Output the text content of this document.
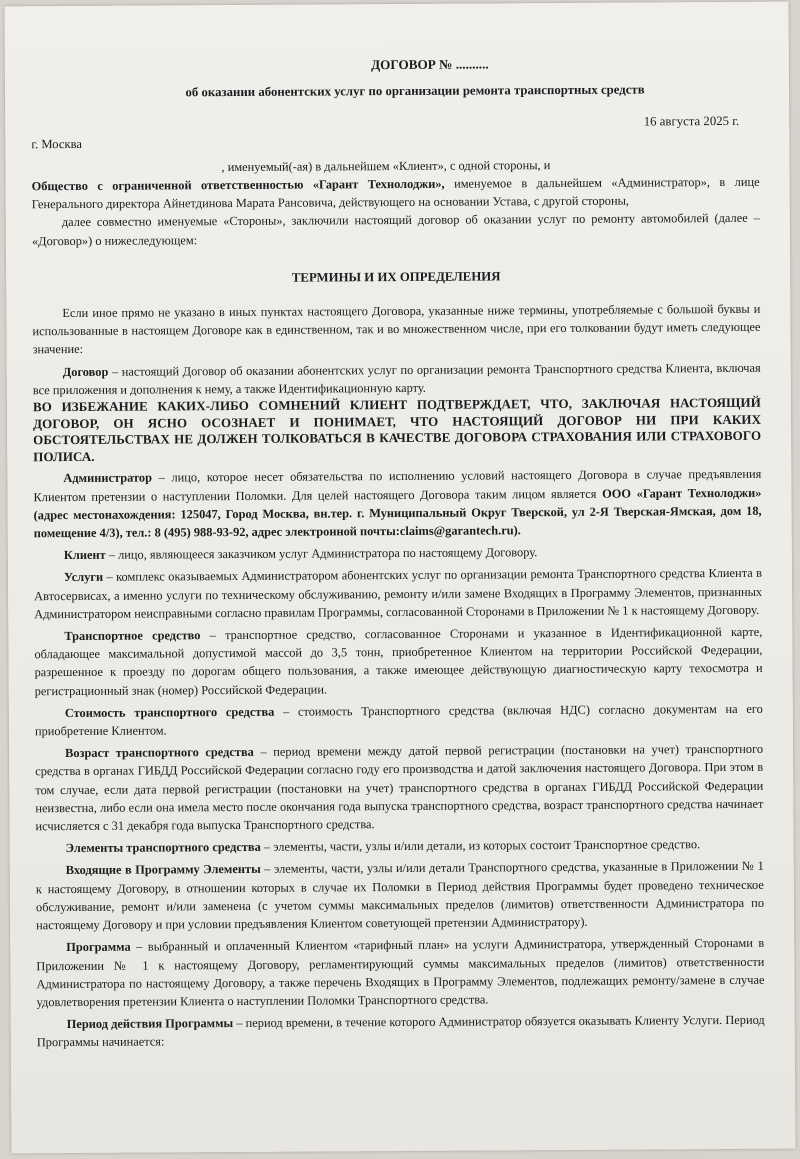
ДОГОВОР № ..........

об оказании абонентских услуг по организации ремонта транспортных средств

16 августа 2025 г.

г. Москва

, именуемый(-ая) в дальнейшем «Клиент», с одной стороны, и

Общество с ограниченной ответственностью «Гарант Технолоджи», именуемое в дальнейшем «Администратор», в лице Генерального директора Айнетдинова Марата Рансовича, действующего на основании Устава, с другой стороны,

далее совместно именуемые «Стороны», заключили настоящий договор об оказании услуг по ремонту автомобилей (далее – «Договор») о нижеследующем:

ТЕРМИНЫ И ИХ ОПРЕДЕЛЕНИЯ

Если иное прямо не указано в иных пунктах настоящего Договора, указанные ниже термины, употребляемые с большой буквы и использованные в настоящем Договоре как в единственном, так и во множественном числе, при его толковании будут иметь следующее значение:

Договор – настоящий Договор об оказании абонентских услуг по организации ремонта Транспортного средства Клиента, включая все приложения и дополнения к нему, а также Идентификационную карту.

ВО ИЗБЕЖАНИЕ КАКИХ-ЛИБО СОМНЕНИЙ КЛИЕНТ ПОДТВЕРЖДАЕТ, ЧТО, ЗАКЛЮЧАЯ НАСТОЯЩИЙ ДОГОВОР, ОН ЯСНО ОСОЗНАЕТ И ПОНИМАЕТ, ЧТО НАСТОЯЩИЙ ДОГОВОР НИ ПРИ КАКИХ ОБСТОЯТЕЛЬСТВАХ НЕ ДОЛЖЕН ТОЛКОВАТЬСЯ В КАЧЕСТВЕ ДОГОВОРА СТРАХОВАНИЯ ИЛИ СТРАХОВОГО ПОЛИСА.

Администратор – лицо, которое несет обязательства по исполнению условий настоящего Договора в случае предъявления Клиентом претензии о наступлении Поломки. Для целей настоящего Договора таким лицом является ООО «Гарант Технолоджи» (адрес местонахождения: 125047, Город Москва, вн.тер. г. Муниципальный Округ Тверской, ул 2-Я Тверская-Ямская, дом 18, помещение 4/3), тел.: 8 (495) 988-93-92, адрес электронной почты:claims@garantech.ru).

Клиент – лицо, являющееся заказчиком услуг Администратора по настоящему Договору.

Услуги – комплекс оказываемых Администратором абонентских услуг по организации ремонта Транспортного средства Клиента в Автосервисах, а именно услуги по техническому обслуживанию, ремонту и/или замене Входящих в Программу Элементов, признанных Администратором неисправными согласно правилам Программы, согласованной Сторонами в Приложении № 1 к настоящему Договору.

Транспортное средство – транспортное средство, согласованное Сторонами и указанное в Идентификационной карте, обладающее максимальной допустимой массой до 3,5 тонн, приобретенное Клиентом на территории Российской Федерации, разрешенное к проезду по дорогам общего пользования, а также имеющее действующую диагностическую карту техосмотра и регистрационный знак (номер) Российской Федерации.

Стоимость транспортного средства – стоимость Транспортного средства (включая НДС) согласно документам на его приобретение Клиентом.

Возраст транспортного средства – период времени между датой первой регистрации (постановки на учет) транспортного средства в органах ГИБДД Российской Федерации согласно году его производства и датой заключения настоящего Договора. При этом в том случае, если дата первой регистрации (постановки на учет) транспортного средства в органах ГИБДД Российской Федерации неизвестна, либо если она имела место после окончания года выпуска транспортного средства, возраст транспортного средства начинает исчисляется с 31 декабря года выпуска Транспортного средства.

Элементы транспортного средства – элементы, части, узлы и/или детали, из которых состоит Транспортное средство.

Входящие в Программу Элементы – элементы, части, узлы и/или детали Транспортного средства, указанные в Приложении № 1 к настоящему Договору, в отношении которых в случае их Поломки в Период действия Программы будет проведено техническое обслуживание, ремонт и/или заменена (с учетом суммы максимальных пределов (лимитов) ответственности Администратора по настоящему Договору и при условии предъявления Клиентом советующей претензии Администратору).

Программа – выбранный и оплаченный Клиентом «тарифный план» на услуги Администратора, утвержденный Сторонами в Приложении № 1 к настоящему Договору, регламентирующий суммы максимальных пределов (лимитов) ответственности Администратора по настоящему Договору, а также перечень Входящих в Программу Элементов, подлежащих ремонту/замене в случае удовлетворения претензии Клиента о наступлении Поломки Транспортного средства.

Период действия Программы – период времени, в течение которого Администратор обязуется оказывать Клиенту Услуги. Период Программы начинается:
